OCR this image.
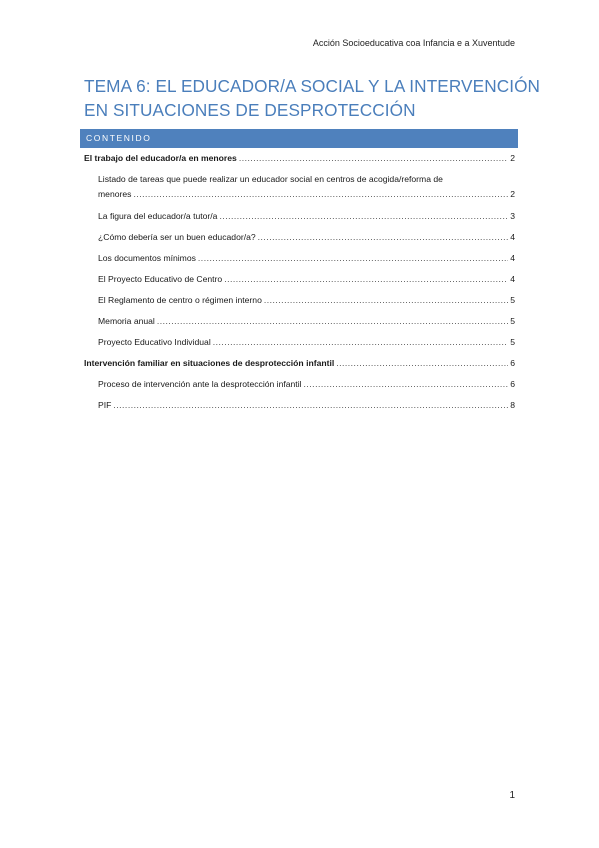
Acción Socioeducativa coa Infancia e a Xuventude
TEMA 6: EL EDUCADOR/A SOCIAL Y LA INTERVENCIÓN
EN SITUACIONES DE DESPROTECCIÓN
CONTENIDO
El trabajo del educador/a en menores .....	2
Listado de tareas que puede realizar un educador social en centros de acogida/reforma de
menores .....	2
La figura del educador/a tutor/a .....	3
¿Cómo debería ser un buen educador/a? .....	4
Los documentos mínimos .....	4
El Proyecto Educativo de Centro .....	4
El Reglamento de centro o régimen interno .....	5
Memoria anual .....	5
Proyecto Educativo Individual .....	5
Intervención familiar en situaciones de desprotección infantil .....	6
Proceso de intervención ante la desprotección infantil .....	6
PIF .....	8
1
